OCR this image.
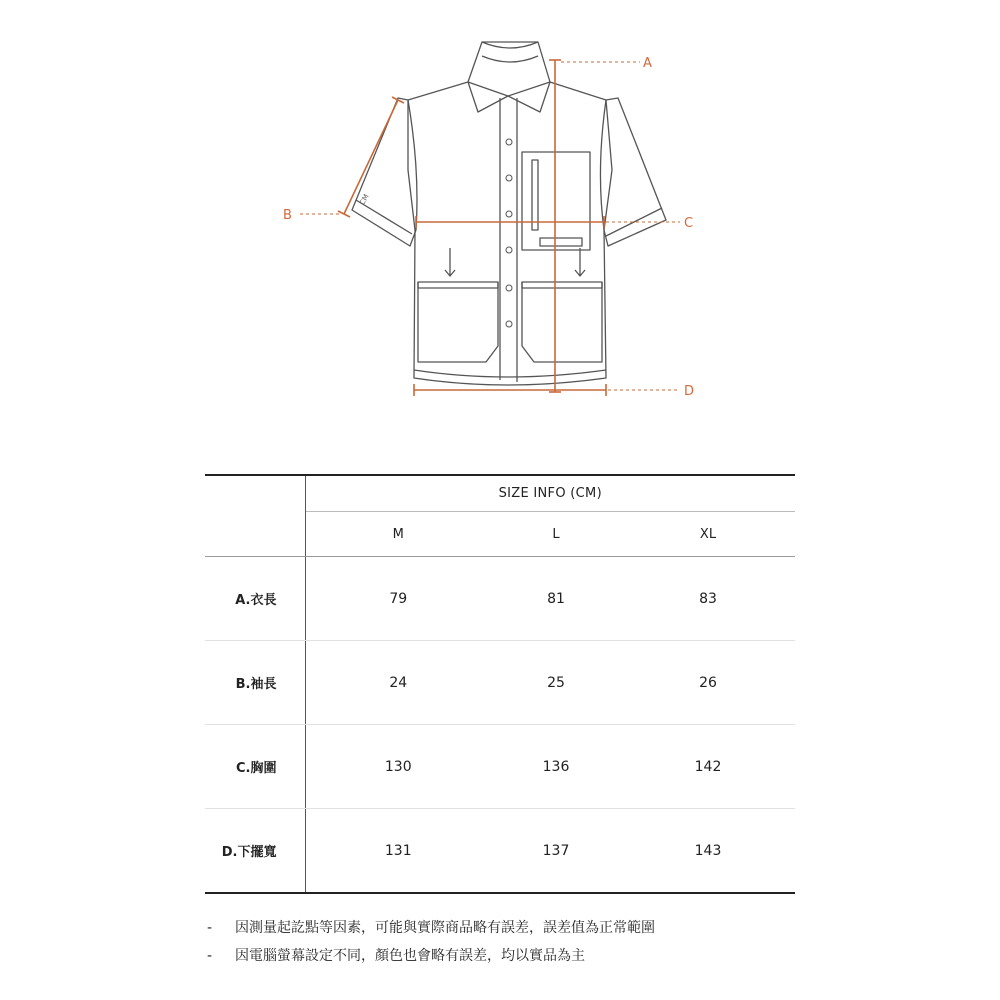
CM
A
B
C
D
	SIZE INFO (CM)		
	M	L	XL
A.衣長	79	81	83
B.袖長	24	25	26
C.胸圍	130	136	142
D.下擺寬	131	137	143
-	因測量起訖點等因素，可能與實際商品略有誤差，誤差值為正常範圍
-	因電腦螢幕設定不同，顏色也會略有誤差，均以實品為主
